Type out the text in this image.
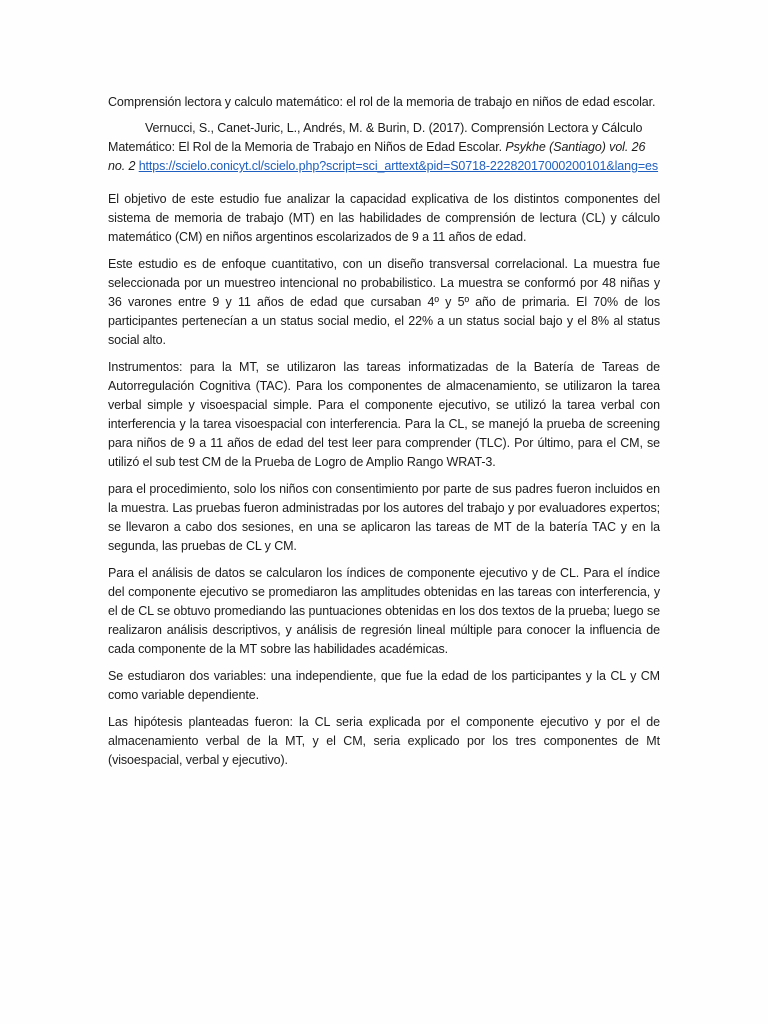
Comprensión lectora y calculo matemático: el rol de la memoria de trabajo en niños de edad escolar.

Vernucci, S., Canet-Juric, L., Andrés, M. & Burin, D. (2017). Comprensión Lectora y Cálculo Matemático: El Rol de la Memoria de Trabajo en Niños de Edad Escolar. Psykhe (Santiago) vol. 26 no. 2 https://scielo.conicyt.cl/scielo.php?script=sci_arttext&pid=S0718-22282017000200101&lang=es

El objetivo de este estudio fue analizar la capacidad explicativa de los distintos componentes del sistema de memoria de trabajo (MT) en las habilidades de comprensión de lectura (CL) y cálculo matemático (CM) en niños argentinos escolarizados de 9 a 11 años de edad.

Este estudio es de enfoque cuantitativo, con un diseño transversal correlacional. La muestra fue seleccionada por un muestreo intencional no probabilistico. La muestra se conformó por 48 niñas y 36 varones entre 9 y 11 años de edad que cursaban 4º y 5º año de primaria. El 70% de los participantes pertenecían a un status social medio, el 22% a un status social bajo y el 8% al status social alto.

Instrumentos: para la MT, se utilizaron las tareas informatizadas de la Batería de Tareas de Autorregulación Cognitiva (TAC). Para los componentes de almacenamiento, se utilizaron la tarea verbal simple y visoespacial simple. Para el componente ejecutivo, se utilizó la tarea verbal con interferencia y la tarea visoespacial con interferencia. Para la CL, se manejó la prueba de screening para niños de 9 a 11 años de edad del test leer para comprender (TLC). Por último, para el CM, se utilizó el sub test CM de la Prueba de Logro de Amplio Rango WRAT-3.

para el procedimiento, solo los niños con consentimiento por parte de sus padres fueron incluidos en la muestra. Las pruebas fueron administradas por los autores del trabajo y por evaluadores expertos; se llevaron a cabo dos sesiones, en una se aplicaron las tareas de MT de la batería TAC y en la segunda, las pruebas de CL y CM.

Para el análisis de datos se calcularon los índices de componente ejecutivo y de CL. Para el índice del componente ejecutivo se promediaron las amplitudes obtenidas en las tareas con interferencia, y el de CL se obtuvo promediando las puntuaciones obtenidas en los dos textos de la prueba; luego se realizaron análisis descriptivos, y análisis de regresión lineal múltiple para conocer la influencia de cada componente de la MT sobre las habilidades académicas.

Se estudiaron dos variables: una independiente, que fue la edad de los participantes y la CL y CM como variable dependiente.

Las hipótesis planteadas fueron: la CL seria explicada por el componente ejecutivo y por el de almacenamiento verbal de la MT, y el CM, seria explicado por los tres componentes de Mt (visoespacial, verbal y ejecutivo).
